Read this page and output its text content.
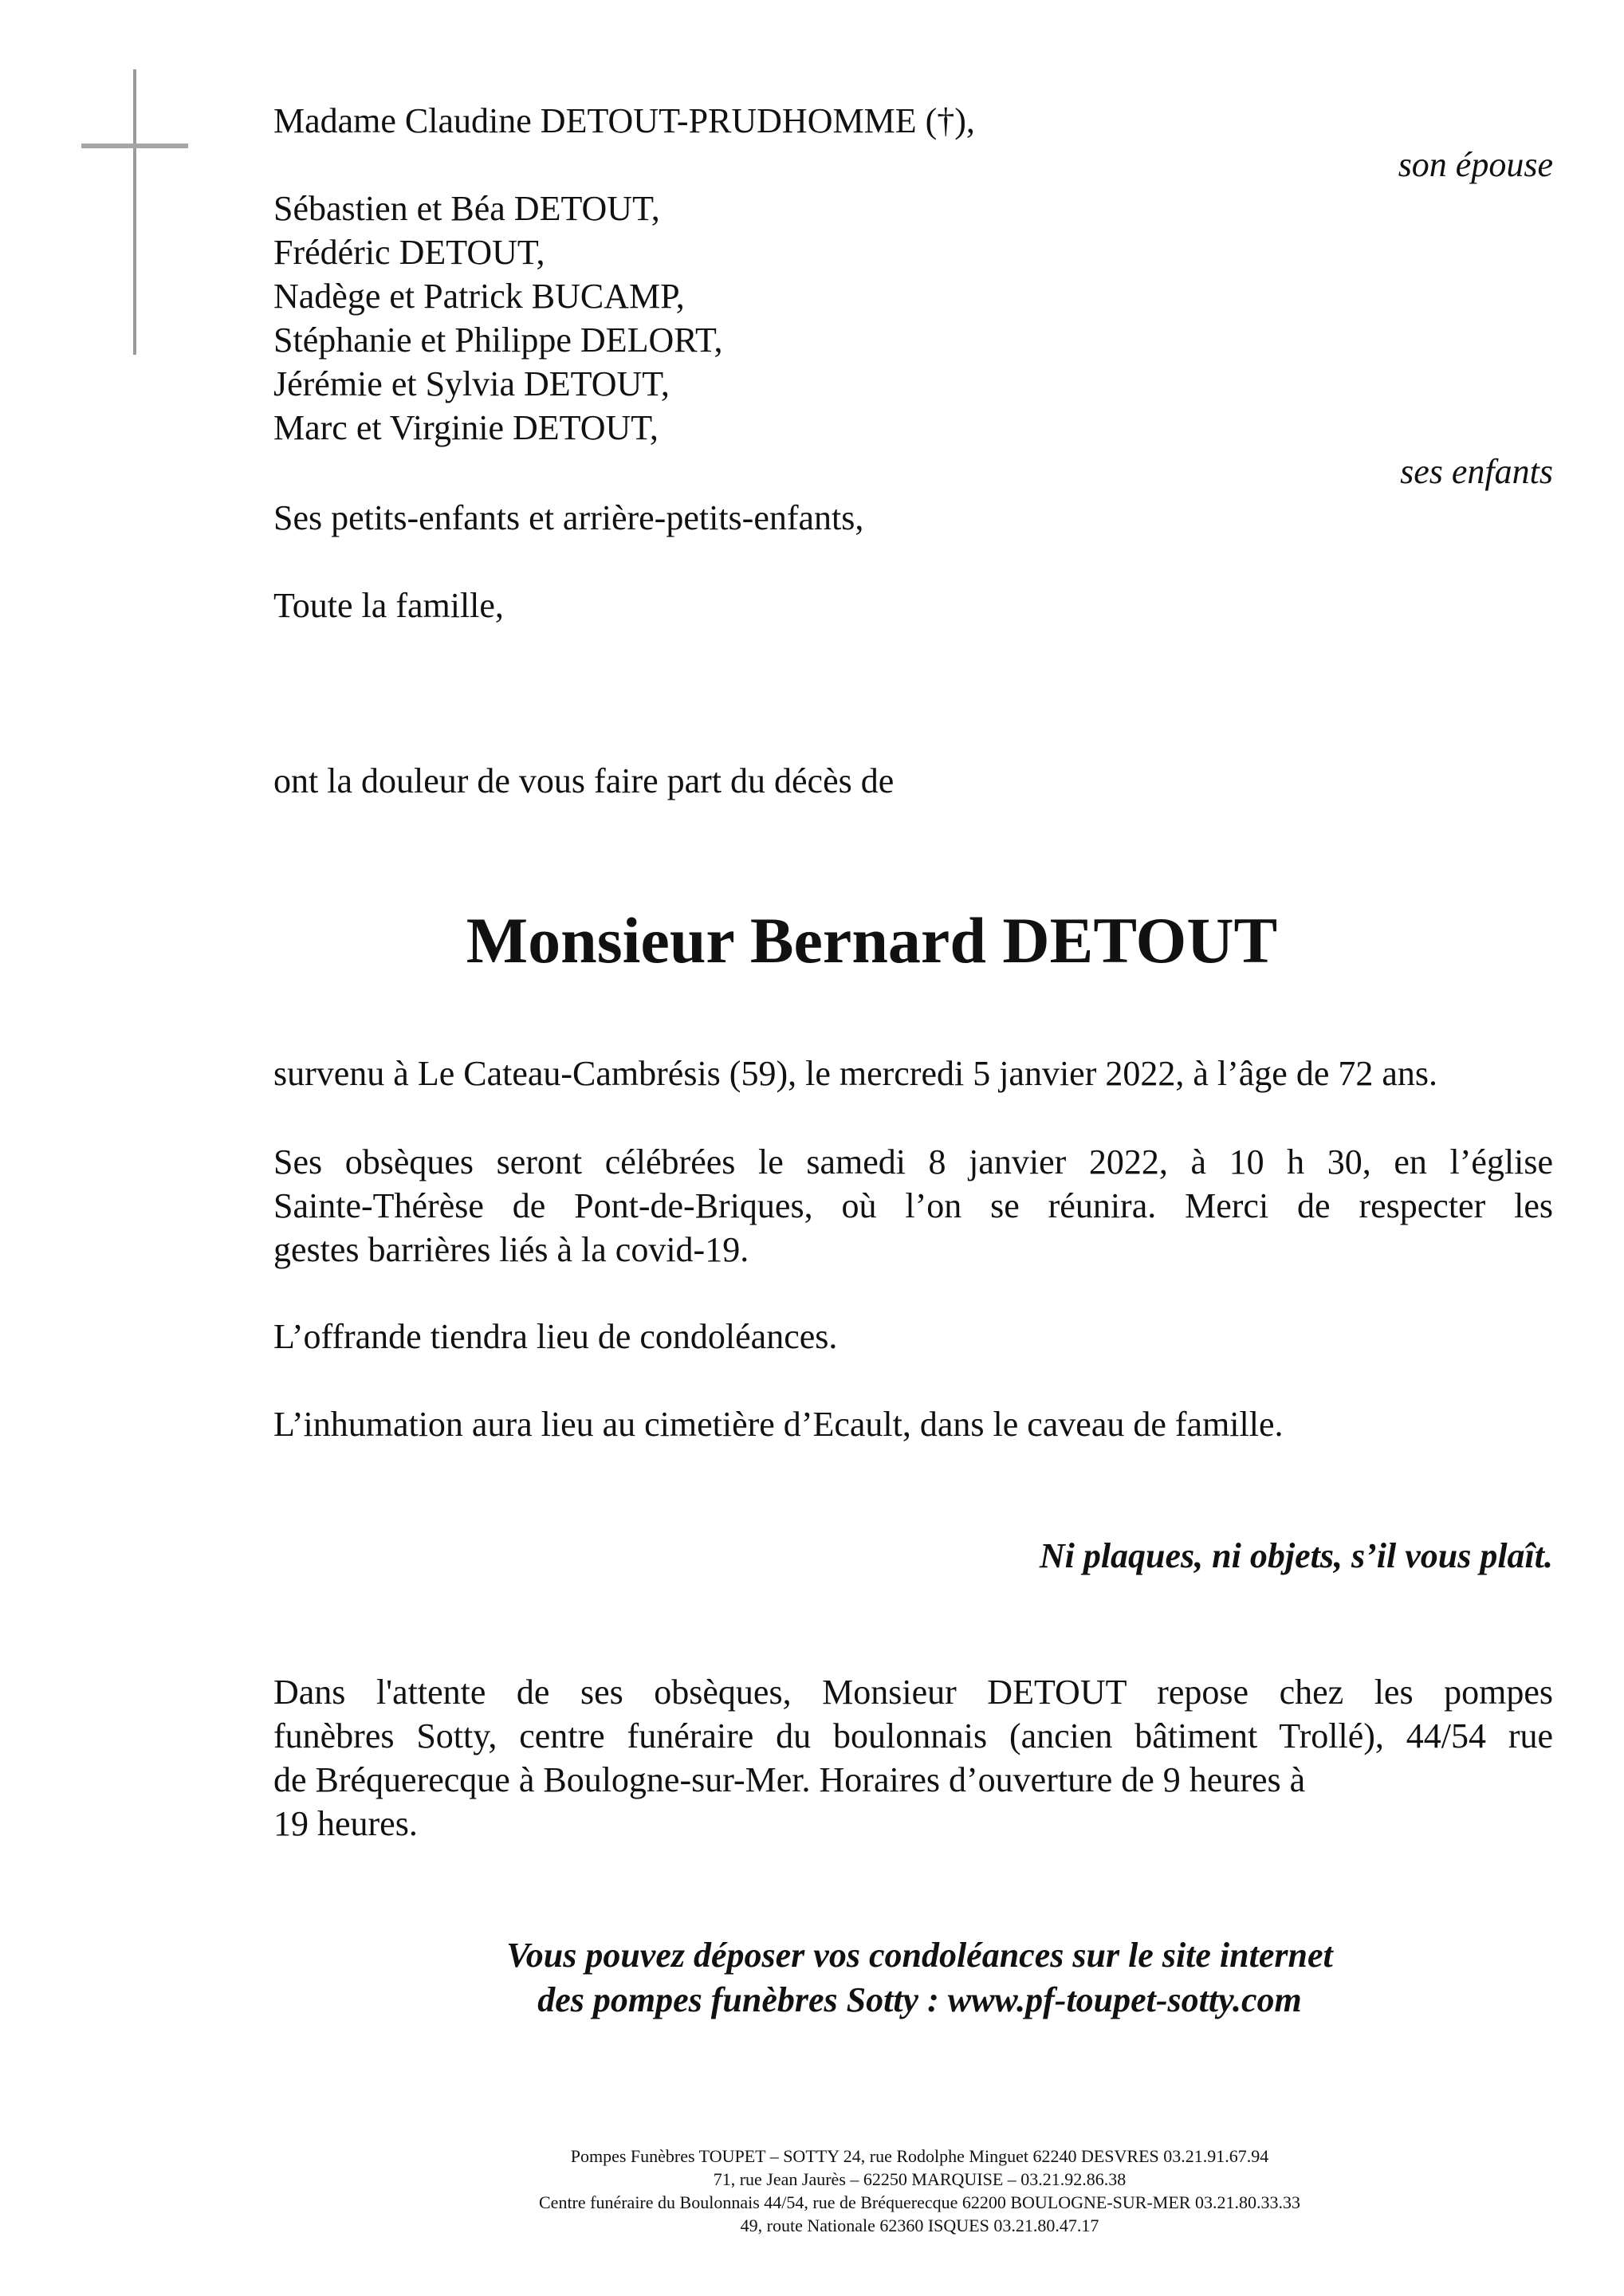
Madame Claudine DETOUT-PRUDHOMME (†),
son épouse
Sébastien et Béa DETOUT,
Frédéric DETOUT,
Nadège et Patrick BUCAMP,
Stéphanie et Philippe DELORT,
Jérémie et Sylvia DETOUT,
Marc et Virginie DETOUT,
ses enfants
Ses petits-enfants et arrière-petits-enfants,
Toute la famille,
ont la douleur de vous faire part du décès de
Monsieur Bernard DETOUT
survenu à Le Cateau-Cambrésis (59), le mercredi 5 janvier 2022, à l’âge de 72 ans.
Ses obsèques seront célébrées le samedi 8 janvier 2022, à 10 h 30, en l’église
Sainte-Thérèse de Pont-de-Briques, où l’on se réunira. Merci de respecter les
gestes barrières liés à la covid-19.
L’offrande tiendra lieu de condoléances.
L’inhumation aura lieu au cimetière d’Ecault, dans le caveau de famille.
Ni plaques, ni objets, s’il vous plaît.
Dans l'attente de ses obsèques, Monsieur DETOUT repose chez les pompes
funèbres Sotty, centre funéraire du boulonnais (ancien bâtiment Trollé), 44/54 rue
de Bréquerecque à Boulogne-sur-Mer. Horaires d’ouverture de 9 heures à
19 heures.
Vous pouvez déposer vos condoléances sur le site internet
des pompes funèbres Sotty : www.pf-toupet-sotty.com
Pompes Funèbres TOUPET – SOTTY 24, rue Rodolphe Minguet 62240 DESVRES 03.21.91.67.94
71, rue Jean Jaurès – 62250 MARQUISE – 03.21.92.86.38
Centre funéraire du Boulonnais 44/54, rue de Bréquerecque 62200 BOULOGNE-SUR-MER 03.21.80.33.33
49, route Nationale 62360 ISQUES 03.21.80.47.17
